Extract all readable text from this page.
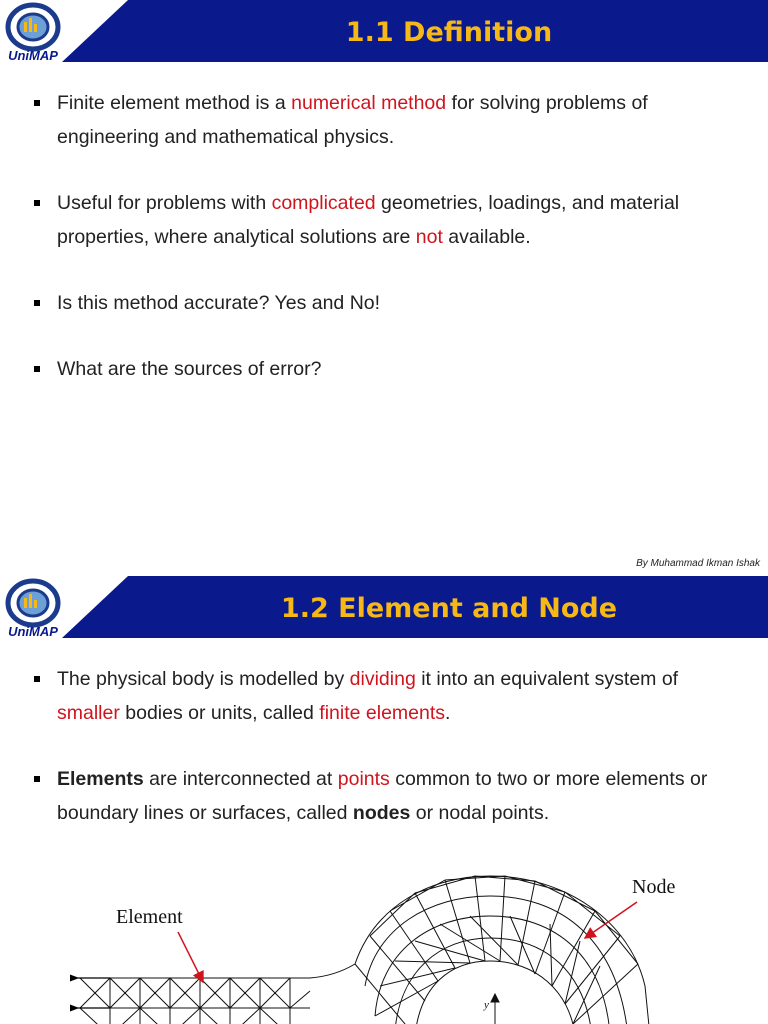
UniMAP
1.1 Definition
Finite element method is a numerical method for solving problems of engineering and mathematical physics.
Useful for problems with complicated geometries, loadings, and material properties, where analytical solutions are not available.
Is this method accurate? Yes and No!
What are the sources of error?
By Muhammad Ikman Ishak
UniMAP
1.2 Element and Node
The physical body is modelled by dividing it into an equivalent system of smaller bodies or units, called finite elements.
Elements are interconnected at points common to two or more elements or boundary lines or surfaces, called nodes or nodal points.
Element
Node
y
